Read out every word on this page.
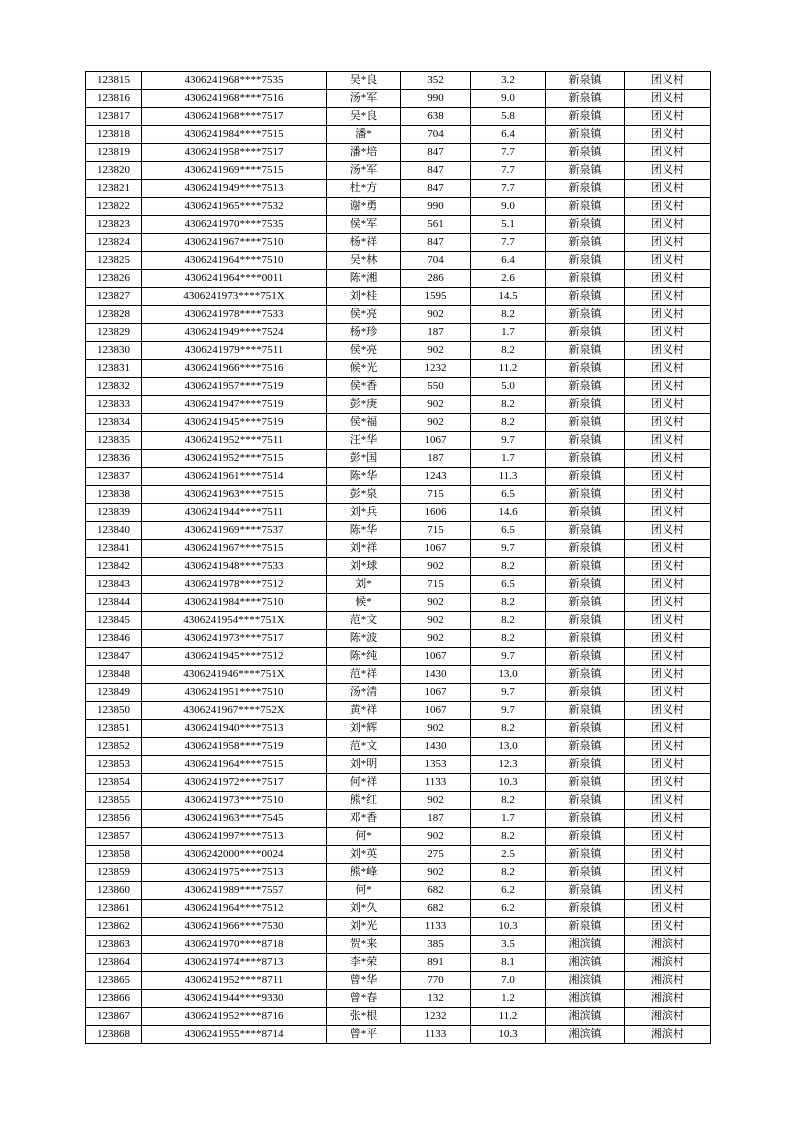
123815	4306241968****7535	吴*良	352	3.2	新泉镇	团义村
123816	4306241968****7516	汤*军	990	9.0	新泉镇	团义村
123817	4306241968****7517	吴*良	638	5.8	新泉镇	团义村
123818	4306241984****7515	潘*	704	6.4	新泉镇	团义村
123819	4306241958****7517	潘*培	847	7.7	新泉镇	团义村
123820	4306241969****7515	汤*军	847	7.7	新泉镇	团义村
123821	4306241949****7513	杜*方	847	7.7	新泉镇	团义村
123822	4306241965****7532	谢*勇	990	9.0	新泉镇	团义村
123823	4306241970****7535	侯*军	561	5.1	新泉镇	团义村
123824	4306241967****7510	杨*祥	847	7.7	新泉镇	团义村
123825	4306241964****7510	吴*林	704	6.4	新泉镇	团义村
123826	4306241964****0011	陈*湘	286	2.6	新泉镇	团义村
123827	4306241973****751X	刘*桂	1595	14.5	新泉镇	团义村
123828	4306241978****7533	侯*亮	902	8.2	新泉镇	团义村
123829	4306241949****7524	杨*珍	187	1.7	新泉镇	团义村
123830	4306241979****7511	侯*亮	902	8.2	新泉镇	团义村
123831	4306241966****7516	候*光	1232	11.2	新泉镇	团义村
123832	4306241957****7519	侯*香	550	5.0	新泉镇	团义村
123833	4306241947****7519	彭*庚	902	8.2	新泉镇	团义村
123834	4306241945****7519	侯*福	902	8.2	新泉镇	团义村
123835	4306241952****7511	汪*华	1067	9.7	新泉镇	团义村
123836	4306241952****7515	彭*国	187	1.7	新泉镇	团义村
123837	4306241961****7514	陈*华	1243	11.3	新泉镇	团义村
123838	4306241963****7515	彭*泉	715	6.5	新泉镇	团义村
123839	4306241944****7511	刘*兵	1606	14.6	新泉镇	团义村
123840	4306241969****7537	陈*华	715	6.5	新泉镇	团义村
123841	4306241967****7515	刘*祥	1067	9.7	新泉镇	团义村
123842	4306241948****7533	刘*球	902	8.2	新泉镇	团义村
123843	4306241978****7512	刘*	715	6.5	新泉镇	团义村
123844	4306241984****7510	候*	902	8.2	新泉镇	团义村
123845	4306241954****751X	范*文	902	8.2	新泉镇	团义村
123846	4306241973****7517	陈*波	902	8.2	新泉镇	团义村
123847	4306241945****7512	陈*纯	1067	9.7	新泉镇	团义村
123848	4306241946****751X	范*祥	1430	13.0	新泉镇	团义村
123849	4306241951****7510	汤*清	1067	9.7	新泉镇	团义村
123850	4306241967****752X	黄*祥	1067	9.7	新泉镇	团义村
123851	4306241940****7513	刘*辉	902	8.2	新泉镇	团义村
123852	4306241958****7519	范*文	1430	13.0	新泉镇	团义村
123853	4306241964****7515	刘*明	1353	12.3	新泉镇	团义村
123854	4306241972****7517	何*祥	1133	10.3	新泉镇	团义村
123855	4306241973****7510	熊*红	902	8.2	新泉镇	团义村
123856	4306241963****7545	邓*香	187	1.7	新泉镇	团义村
123857	4306241997****7513	何*	902	8.2	新泉镇	团义村
123858	4306242000****0024	刘*英	275	2.5	新泉镇	团义村
123859	4306241975****7513	熊*峰	902	8.2	新泉镇	团义村
123860	4306241989****7557	何*	682	6.2	新泉镇	团义村
123861	4306241964****7512	刘*久	682	6.2	新泉镇	团义村
123862	4306241966****7530	刘*光	1133	10.3	新泉镇	团义村
123863	4306241970****8718	贺*来	385	3.5	湘滨镇	湘滨村
123864	4306241974****8713	李*荣	891	8.1	湘滨镇	湘滨村
123865	4306241952****8711	曾*华	770	7.0	湘滨镇	湘滨村
123866	4306241944****9330	曾*春	132	1.2	湘滨镇	湘滨村
123867	4306241952****8716	张*根	1232	11.2	湘滨镇	湘滨村
123868	4306241955****8714	曾*平	1133	10.3	湘滨镇	湘滨村
